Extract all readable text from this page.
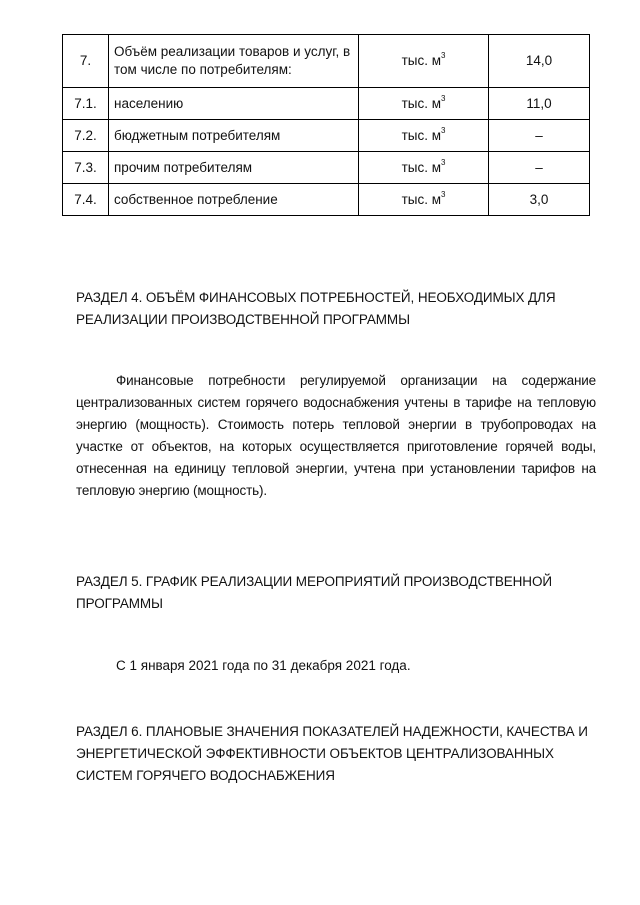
7.	Объём реализации товаров и услуг, в том числе по потребителям:	тыс. $м^3$	14,0
7.1.	населению	тыс. $м^3$	11,0
7.2.	бюджетным потребителям	тыс. $м^3$	–
7.3.	прочим потребителям	тыс. $м^3$	–
7.4.	собственное потребление	тыс. $м^3$	3,0
РАЗДЕЛ 4. ОБЪЁМ ФИНАНСОВЫХ ПОТРЕБНОСТЕЙ, НЕОБХОДИМЫХ ДЛЯ РЕАЛИЗАЦИИ ПРОИЗВОДСТВЕННОЙ ПРОГРАММЫ
Финансовые потребности регулируемой организации на содержание централизованных систем горячего водоснабжения учтены в тарифе на тепловую энергию (мощность). Стоимость потерь тепловой энергии в трубопроводах на участке от объектов, на которых осуществляется приготовление горячей воды, отнесенная на единицу тепловой энергии, учтена при установлении тарифов на тепловую энергию (мощность).
РАЗДЕЛ 5. ГРАФИК РЕАЛИЗАЦИИ МЕРОПРИЯТИЙ ПРОИЗВОДСТВЕННОЙ ПРОГРАММЫ
С 1 января 2021 года по 31 декабря 2021 года.
РАЗДЕЛ 6. ПЛАНОВЫЕ ЗНАЧЕНИЯ ПОКАЗАТЕЛЕЙ НАДЕЖНОСТИ, КАЧЕСТВА И ЭНЕРГЕТИЧЕСКОЙ ЭФФЕКТИВНОСТИ ОБЪЕКТОВ ЦЕНТРАЛИЗОВАННЫХ СИСТЕМ ГОРЯЧЕГО ВОДОСНАБЖЕНИЯ
